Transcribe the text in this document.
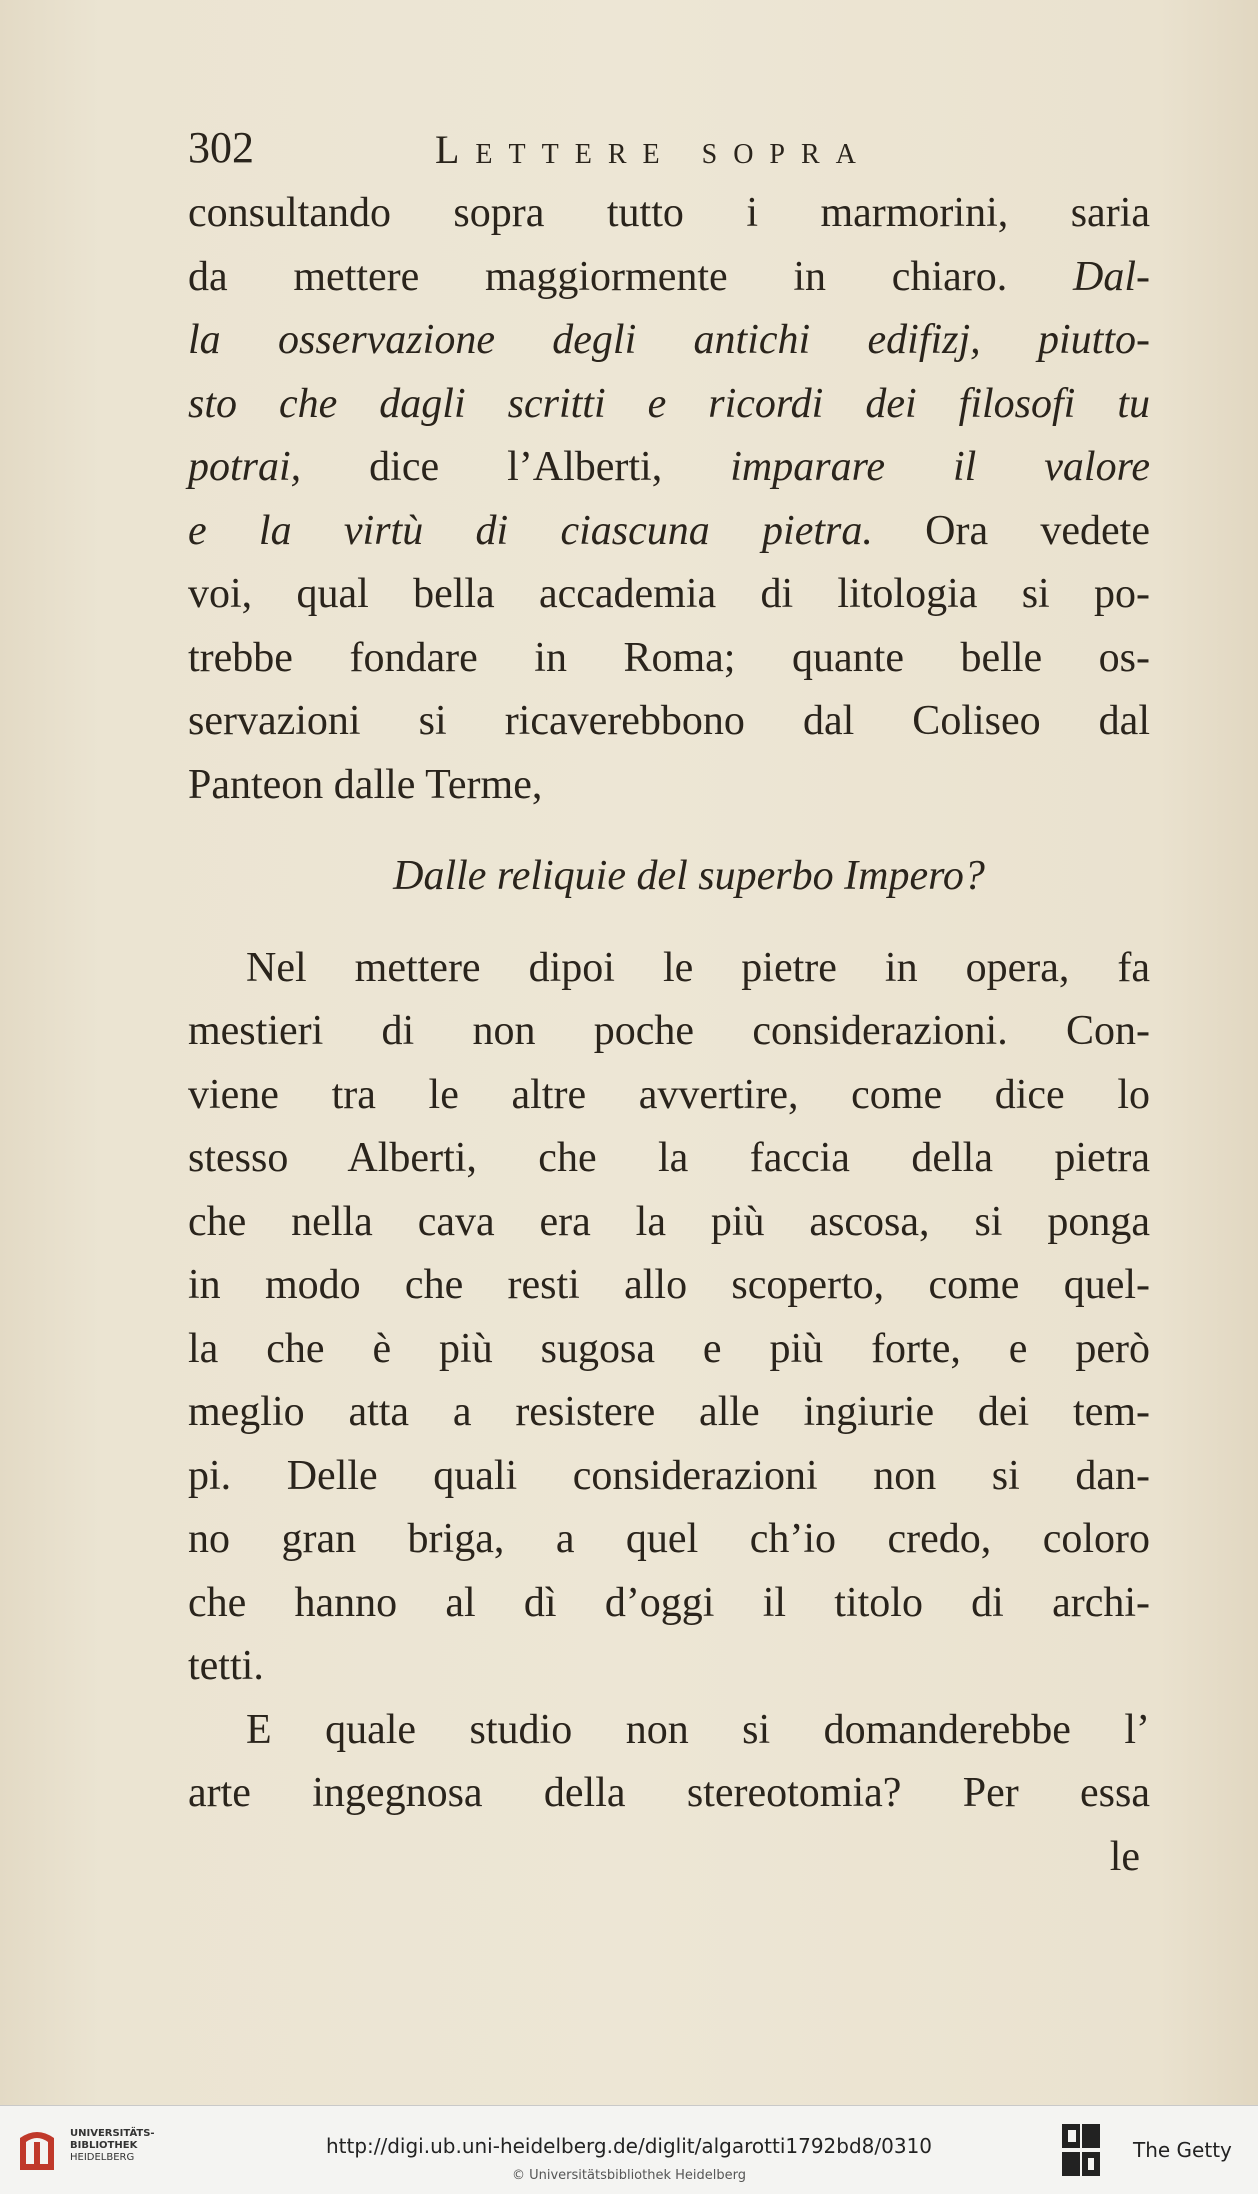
302	Lettere sopra
consultando sopra tutto i marmorini, saria
da mettere maggiormente in chiaro. Dal-
la osservazione degli antichi edifizj, piutto-
sto che dagli scritti e ricordi dei filosofi tu
potrai, dice l’Alberti, imparare il valore
e la virtù di ciascuna pietra. Ora vedete
voi, qual bella accademia di litologia si po-
trebbe fondare in Roma; quante belle os-
servazioni si ricaverebbono dal Coliseo dal
Panteon dalle Terme,
Dalle reliquie del superbo Impero?
Nel mettere dipoi le pietre in opera, fa
mestieri di non poche considerazioni. Con-
viene tra le altre avvertire, come dice lo
stesso Alberti, che la faccia della pietra
che nella cava era la più ascosa, si ponga
in modo che resti allo scoperto, come quel-
la che è più sugosa e più forte, e però
meglio atta a resistere alle ingiurie dei tem-
pi. Delle quali considerazioni non si dan-
no gran briga, a quel ch’io credo, coloro
che hanno al dì d’oggi il titolo di archi-
tetti.
E quale studio non si domanderebbe l’
arte ingegnosa della stereotomia? Per essa
le
UNIVERSITÄTS-
BIBLIOTHEK
HEIDELBERG	http://digi.ub.uni-heidelberg.de/diglit/algarotti1792bd8/0310
© Universitätsbibliothek Heidelberg
The Getty
